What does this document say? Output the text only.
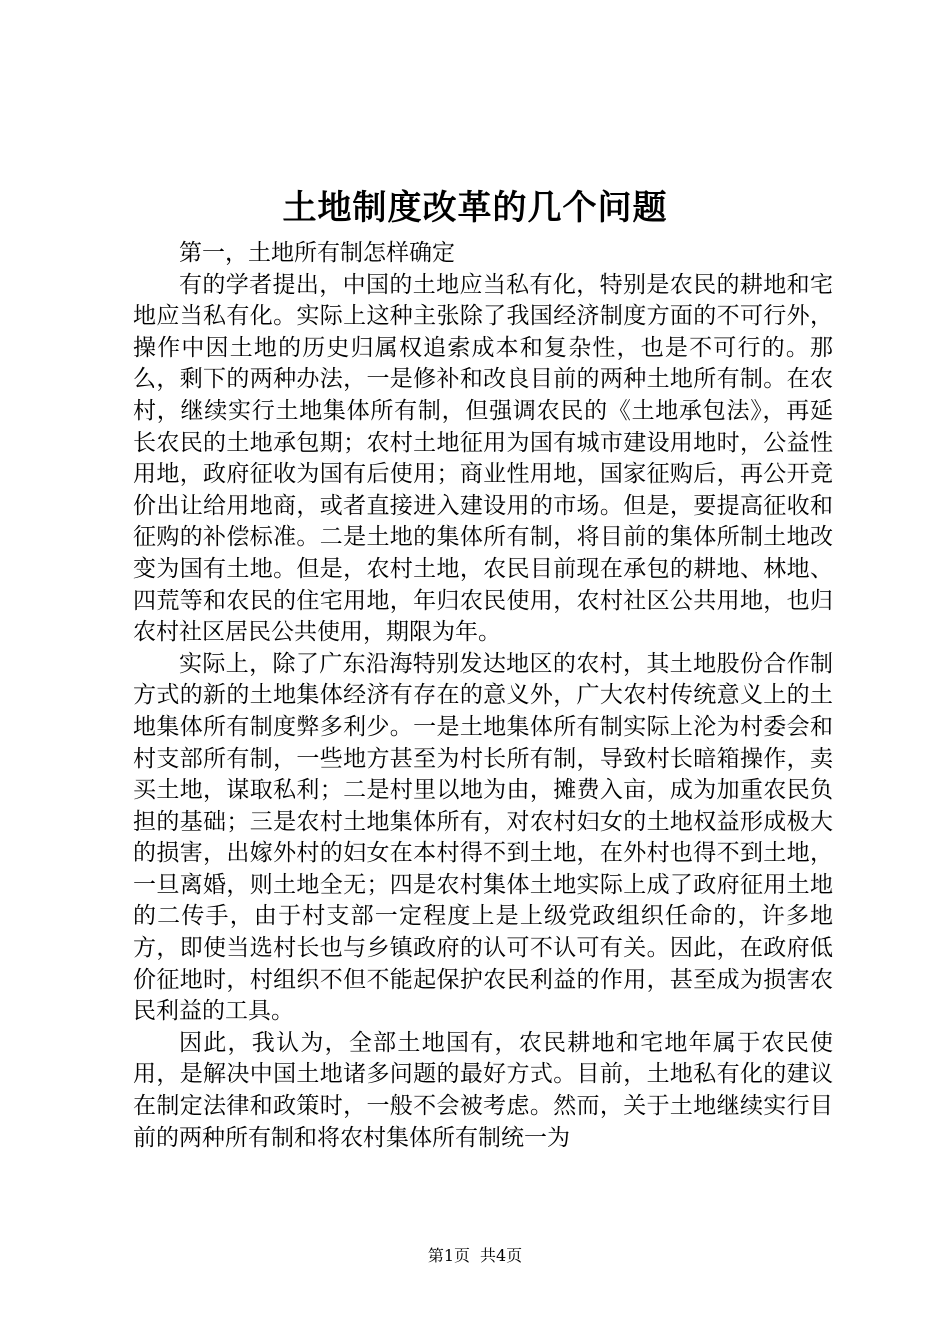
土地制度改革的几个问题

第一，土地所有制怎样确定

有的学者提出，中国的土地应当私有化，特别是农民的耕地和宅地应当私有化。实际上这种主张除了我国经济制度方面的不可行外，操作中因土地的历史归属权追索成本和复杂性，也是不可行的。那么，剩下的两种办法，一是修补和改良目前的两种土地所有制。在农村，继续实行土地集体所有制，但强调农民的《土地承包法》，再延长农民的土地承包期；农村土地征用为国有城市建设用地时，公益性用地，政府征收为国有后使用；商业性用地，国家征购后，再公开竞价出让给用地商，或者直接进入建设用的市场。但是，要提高征收和征购的补偿标准。二是土地的集体所有制，将目前的集体所制土地改变为国有土地。但是，农村土地，农民目前现在承包的耕地、林地、四荒等和农民的住宅用地，年归农民使用，农村社区公共用地，也归农村社区居民公共使用，期限为年。

实际上，除了广东沿海特别发达地区的农村，其土地股份合作制方式的新的土地集体经济有存在的意义外，广大农村传统意义上的土地集体所有制度弊多利少。一是土地集体所有制实际上沦为村委会和村支部所有制，一些地方甚至为村长所有制，导致村长暗箱操作，卖买土地，谋取私利；二是村里以地为由，摊费入亩，成为加重农民负担的基础；三是农村土地集体所有，对农村妇女的土地权益形成极大的损害，出嫁外村的妇女在本村得不到土地，在外村也得不到土地，一旦离婚，则土地全无；四是农村集体土地实际上成了政府征用土地的二传手，由于村支部一定程度上是上级党政组织任命的，许多地方，即使当选村长也与乡镇政府的认可不认可有关。因此，在政府低价征地时，村组织不但不能起保护农民利益的作用，甚至成为损害农民利益的工具。

因此，我认为，全部土地国有，农民耕地和宅地年属于农民使用，是解决中国土地诸多问题的最好方式。目前，土地私有化的建议在制定法律和政策时，一般不会被考虑。然而，关于土地继续实行目前的两种所有制和将农村集体所有制统一为

第1页 共4页
